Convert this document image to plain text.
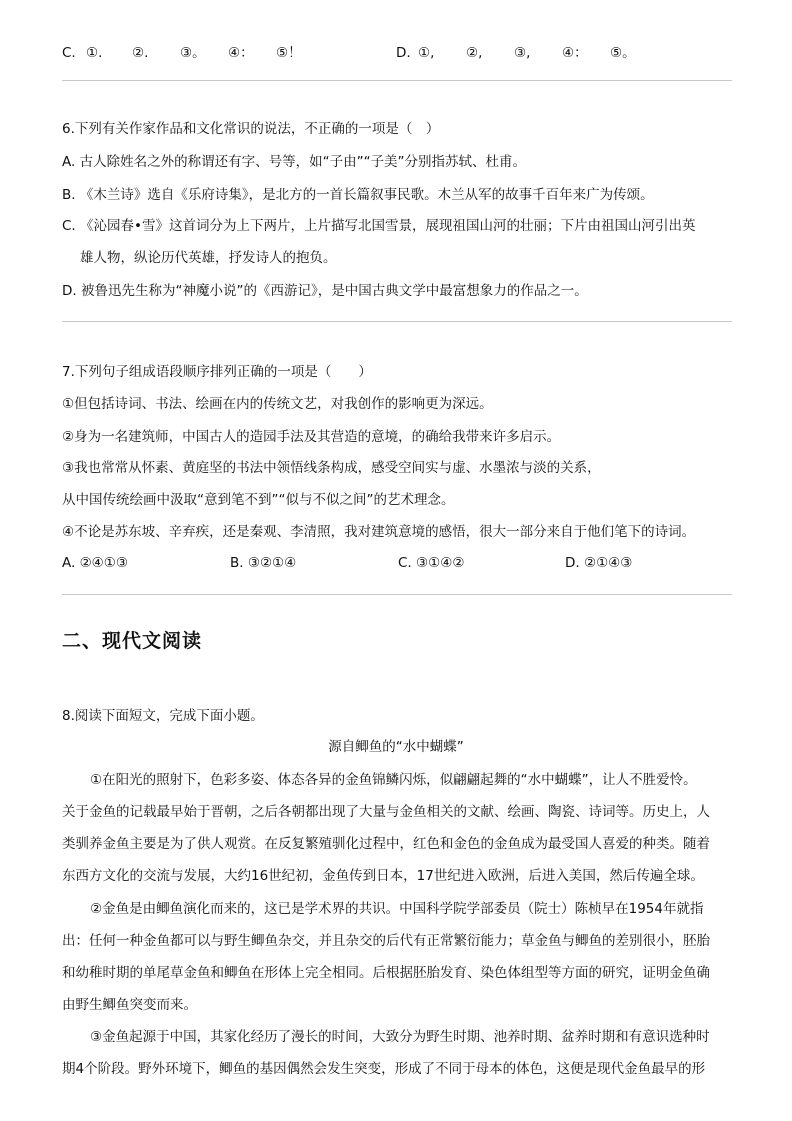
C. ①. ②. ③。 ④： ⑤！	D. ①, ②, ③, ④： ⑤。
6.下列有关作家作品和文化常识的说法，不正确的一项是（　）
A. 古人除姓名之外的称谓还有字、号等，如“子由”“子美”分别指苏轼、杜甫。
B. 《木兰诗》选自《乐府诗集》，是北方的一首长篇叙事民歌。木兰从军的故事千百年来广为传颂。
C. 《沁园春•雪》这首词分为上下两片，上片描写北国雪景，展现祖国山河的壮丽；下片由祖国山河引出英
雄人物，纵论历代英雄，抒发诗人的抱负。
D. 被鲁迅先生称为“神魔小说”的《西游记》，是中国古典文学中最富想象力的作品之一。
7.下列句子组成语段顺序排列正确的一项是（　　）
①但包括诗词、书法、绘画在内的传统文艺，对我创作的影响更为深远。
②身为一名建筑师，中国古人的造园手法及其营造的意境，的确给我带来许多启示。
③我也常常从怀素、黄庭坚的书法中领悟线条构成，感受空间实与虚、水墨浓与淡的关系，
从中国传统绘画中汲取“意到笔不到”“似与不似之间”的艺术理念。
④不论是苏东坡、辛弃疾，还是秦观、李清照，我对建筑意境的感悟，很大一部分来自于他们笔下的诗词。
A. ②④①③	B. ③②①④	C. ③①④②	D. ②①④③
二、现代文阅读
8.阅读下面短文，完成下面小题。
源自鲫鱼的“水中蝴蝶”
①在阳光的照射下，色彩多姿、体态各异的金鱼锦鳞闪烁，似翩翩起舞的“水中蝴蝶”，让人不胜爱怜。
关于金鱼的记载最早始于晋朝，之后各朝都出现了大量与金鱼相关的文献、绘画、陶瓷、诗词等。历史上，人
类驯养金鱼主要是为了供人观赏。在反复繁殖驯化过程中，红色和金色的金鱼成为最受国人喜爱的种类。随着
东西方文化的交流与发展，大约16世纪初，金鱼传到日本，17世纪进入欧洲，后进入美国，然后传遍全球。
②金鱼是由鲫鱼演化而来的，这已是学术界的共识。中国科学院学部委员（院士）陈桢早在1954年就指
出：任何一种金鱼都可以与野生鲫鱼杂交，并且杂交的后代有正常繁衍能力；草金鱼与鲫鱼的差别很小，胚胎
和幼稚时期的单尾草金鱼和鲫鱼在形体上完全相同。后根据胚胎发育、染色体组型等方面的研究，证明金鱼确
由野生鲫鱼突变而来。
③金鱼起源于中国，其家化经历了漫长的时间，大致分为野生时期、池养时期、盆养时期和有意识选种时
期4个阶段。野外环境下，鲫鱼的基因偶然会发生突变，形成了不同于母本的体色，这便是现代金鱼最早的形
